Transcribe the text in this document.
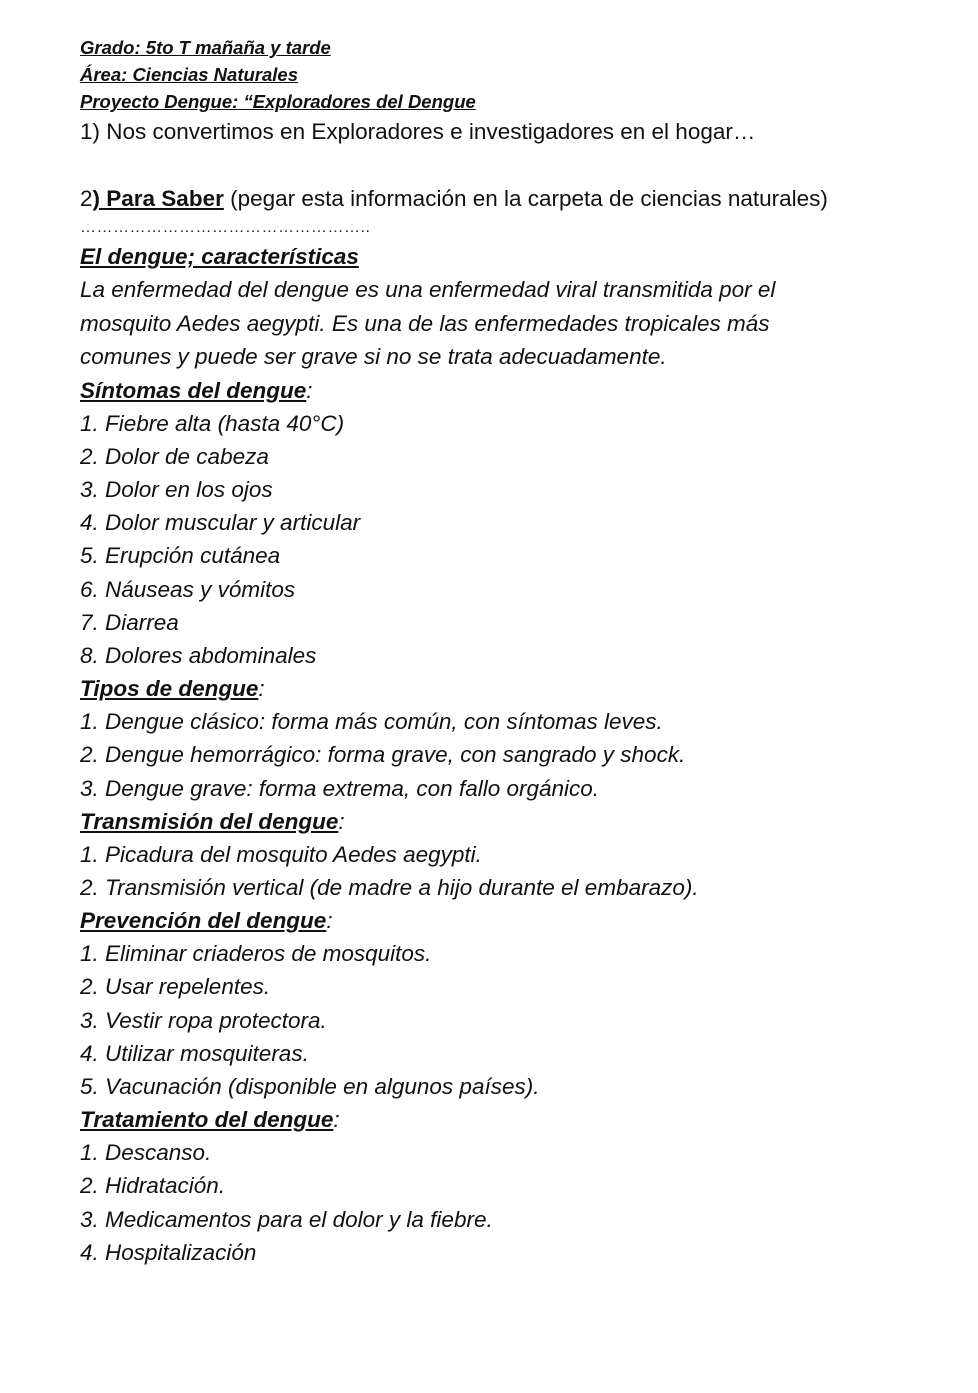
Grado: 5to T mañaña y tarde

Área: Ciencias Naturales

Proyecto Dengue: “Exploradores del Dengue

1) Nos convertimos en Exploradores e investigadores en el hogar…
2) Para Saber (pegar esta información en la carpeta de ciencias naturales)
……………………………………………..
El dengue; características
La enfermedad del dengue es una enfermedad viral transmitida por el
mosquito Aedes aegypti. Es una de las enfermedades tropicales más
comunes y puede ser grave si no se trata adecuadamente.
Síntomas del dengue:
1. Fiebre alta (hasta 40°C)
2. Dolor de cabeza
3. Dolor en los ojos
4. Dolor muscular y articular
5. Erupción cutánea
6. Náuseas y vómitos
7. Diarrea
8. Dolores abdominales
Tipos de dengue:
1. Dengue clásico: forma más común, con síntomas leves.
2. Dengue hemorrágico: forma grave, con sangrado y shock.
3. Dengue grave: forma extrema, con fallo orgánico.
Transmisión del dengue:
1. Picadura del mosquito Aedes aegypti.
2. Transmisión vertical (de madre a hijo durante el embarazo).
Prevención del dengue:
1. Eliminar criaderos de mosquitos.
2. Usar repelentes.
3. Vestir ropa protectora.
4. Utilizar mosquiteras.
5. Vacunación (disponible en algunos países).
Tratamiento del dengue:
1. Descanso.
2. Hidratación.
3. Medicamentos para el dolor y la fiebre.
4. Hospitalización
